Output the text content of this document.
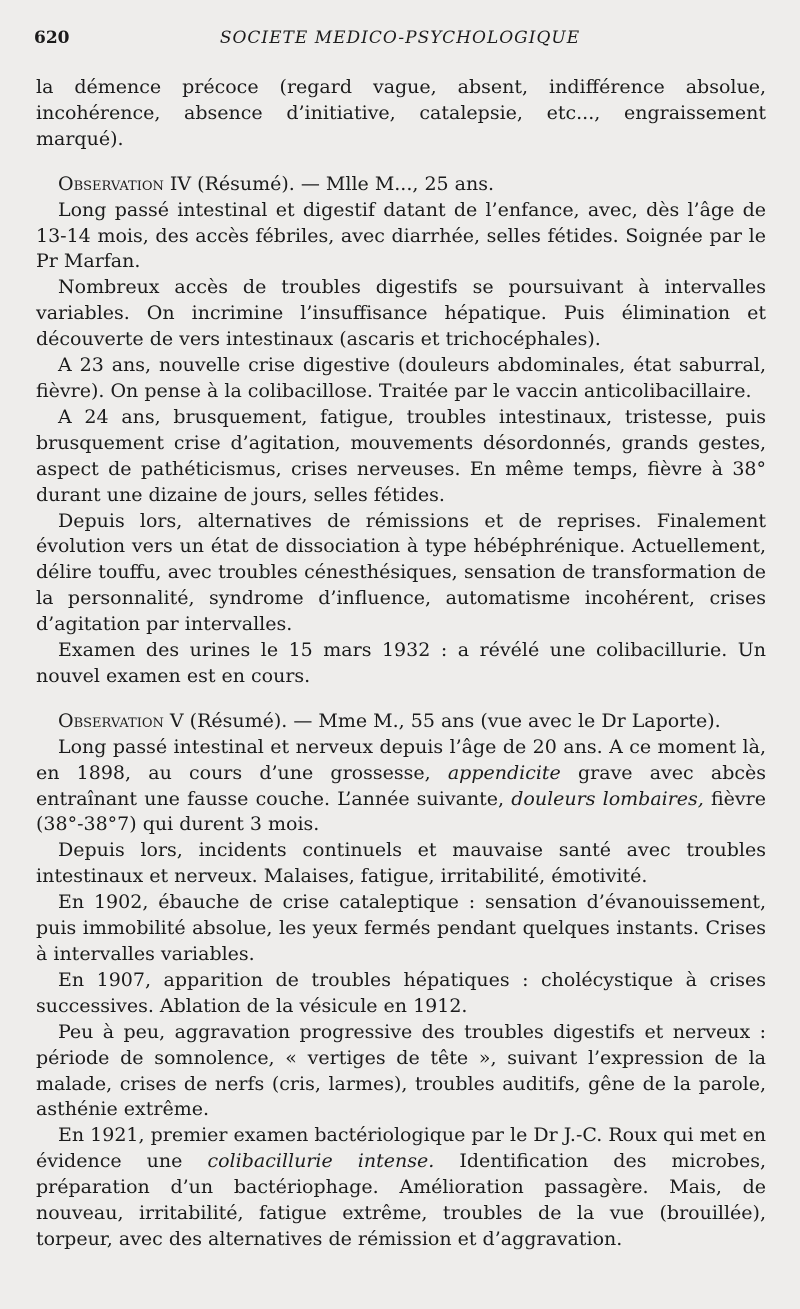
620	SOCIETE MEDICO-PSYCHOLOGIQUE

la démence précoce (regard vague, absent, indifférence absolue, incohérence, absence d’initiative, catalepsie, etc..., engraissement marqué).

Observation IV (Résumé). — Mlle M..., 25 ans.

Long passé intestinal et digestif datant de l’enfance, avec, dès l’âge de 13-14 mois, des accès fébriles, avec diarrhée, selles fétides. Soignée par le Pr Marfan.

Nombreux accès de troubles digestifs se poursuivant à intervalles variables. On incrimine l’insuffisance hépatique. Puis élimination et découverte de vers intestinaux (ascaris et trichocéphales).

A 23 ans, nouvelle crise digestive (douleurs abdominales, état saburral, fièvre). On pense à la colibacillose. Traitée par le vaccin anticolibacillaire.

A 24 ans, brusquement, fatigue, troubles intestinaux, tristesse, puis brusquement crise d’agitation, mouvements désordonnés, grands gestes, aspect de pathéticismus, crises nerveuses. En même temps, fièvre à 38° durant une dizaine de jours, selles fétides.

Depuis lors, alternatives de rémissions et de reprises. Finalement évolution vers un état de dissociation à type hébéphrénique. Actuellement, délire touffu, avec troubles cénesthésiques, sensation de transformation de la personnalité, syndrome d’influence, automatisme incohérent, crises d’agitation par intervalles.

Examen des urines le 15 mars 1932 : a révélé une colibacillurie. Un nouvel examen est en cours.

Observation V (Résumé). — Mme M., 55 ans (vue avec le Dr Laporte).

Long passé intestinal et nerveux depuis l’âge de 20 ans. A ce moment là, en 1898, au cours d’une grossesse, appendicite grave avec abcès entraînant une fausse couche. L’année suivante, douleurs lombaires, fièvre (38°-38°7) qui durent 3 mois.

Depuis lors, incidents continuels et mauvaise santé avec troubles intestinaux et nerveux. Malaises, fatigue, irritabilité, émotivité.

En 1902, ébauche de crise cataleptique : sensation d’évanouissement, puis immobilité absolue, les yeux fermés pendant quelques instants. Crises à intervalles variables.

En 1907, apparition de troubles hépatiques : cholécystique à crises successives. Ablation de la vésicule en 1912.

Peu à peu, aggravation progressive des troubles digestifs et nerveux : période de somnolence, « vertiges de tête », suivant l’expression de la malade, crises de nerfs (cris, larmes), troubles auditifs, gêne de la parole, asthénie extrême.

En 1921, premier examen bactériologique par le Dr J.-C. Roux qui met en évidence une colibacillurie intense. Identification des microbes, préparation d’un bactériophage. Amélioration passagère. Mais, de nouveau, irritabilité, fatigue extrême, troubles de la vue (brouillée), torpeur, avec des alternatives de rémission et d’aggravation.
